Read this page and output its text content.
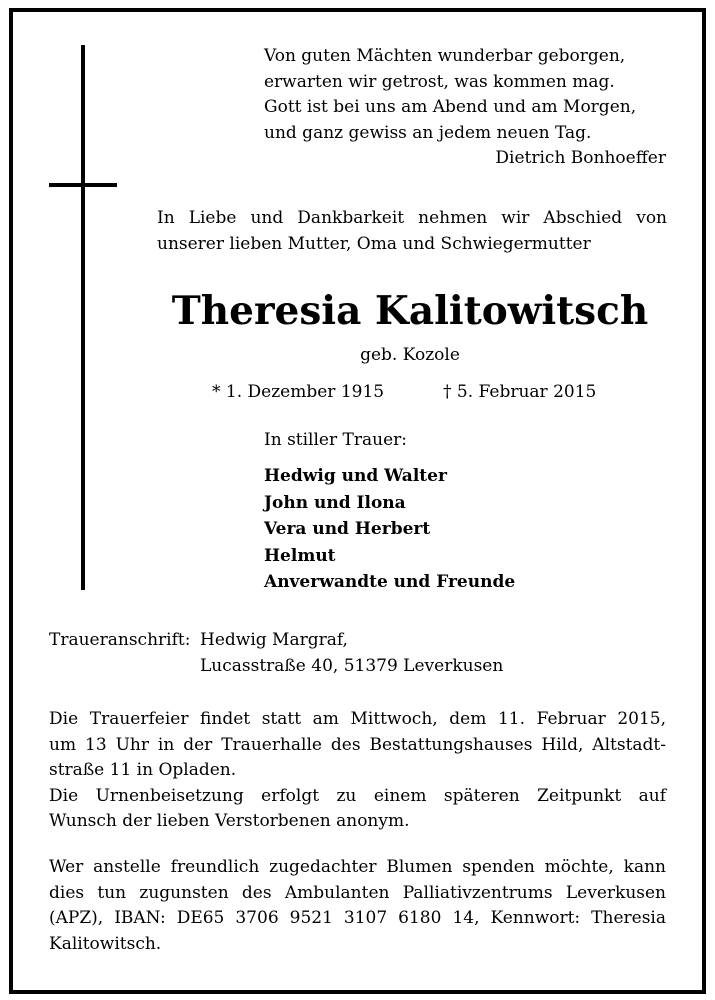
Von guten Mächten wunderbar geborgen,
erwarten wir getrost, was kommen mag.
Gott ist bei uns am Abend und am Morgen,
und ganz gewiss an jedem neuen Tag.
Dietrich Bonhoeffer
In Liebe und Dankbarkeit nehmen wir Abschied von
unserer lieben Mutter, Oma und Schwiegermutter
Theresia Kalitowitsch
geb. Kozole
* 1. Dezember 1915	† 5. Februar 2015
In stiller Trauer:
Hedwig und Walter
John und Ilona
Vera und Herbert
Helmut
Anverwandte und Freunde
Traueranschrift: Hedwig Margraf,
Lucasstraße 40, 51379 Leverkusen
Die Trauerfeier findet statt am Mittwoch, dem 11. Februar 2015,
um 13 Uhr in der Trauerhalle des Bestattungshauses Hild, Altstadt-
straße 11 in Opladen.
Die Urnenbeisetzung erfolgt zu einem späteren Zeitpunkt auf
Wunsch der lieben Verstorbenen anonym.
Wer anstelle freundlich zugedachter Blumen spenden möchte, kann
dies tun zugunsten des Ambulanten Palliativzentrums Leverkusen
(APZ), IBAN: DE65 3706 9521 3107 6180 14, Kennwort: Theresia
Kalitowitsch.
